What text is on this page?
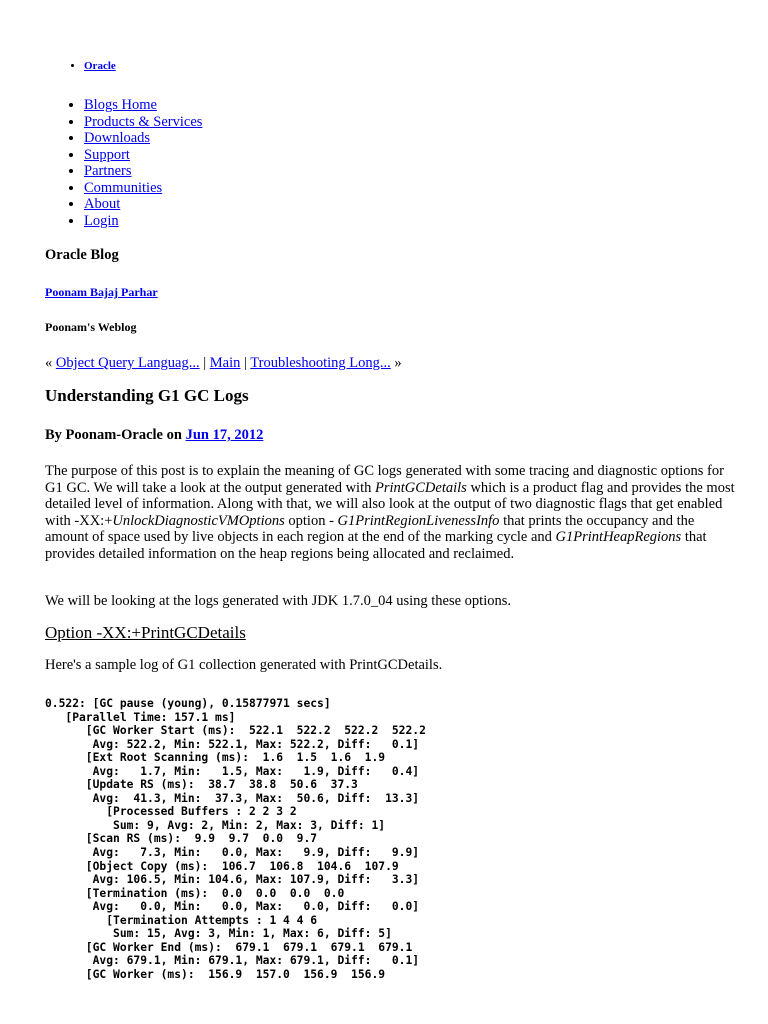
• Oracle
• Blogs Home
• Products & Services
• Downloads
• Support
• Partners
• Communities
• About
• Login
Oracle Blog
Poonam Bajaj Parhar
Poonam's Weblog
« Object Query Languag... | Main | Troubleshooting Long... »
Understanding G1 GC Logs
By Poonam-Oracle on Jun 17, 2012

The purpose of this post is to explain the meaning of GC logs generated with some tracing and diagnostic options for G1 GC. We will take a look at the output generated with PrintGCDetails which is a product flag and provides the most detailed level of information. Along with that, we will also look at the output of two diagnostic flags that get enabled with -XX:+UnlockDiagnosticVMOptions option - G1PrintRegionLivenessInfo that prints the occupancy and the amount of space used by live objects in each region at the end of the marking cycle and G1PrintHeapRegions that provides detailed information on the heap regions being allocated and reclaimed.

We will be looking at the logs generated with JDK 1.7.0_04 using these options.

Option -XX:+PrintGCDetails

Here's a sample log of G1 collection generated with PrintGCDetails.

0.522: [GC pause (young), 0.15877971 secs]
[Parallel Time: 157.1 ms]
[GC Worker Start (ms):  522.1  522.2  522.2  522.2
Avg: 522.2, Min: 522.1, Max: 522.2, Diff:   0.1]
[Ext Root Scanning (ms):  1.6  1.5  1.6  1.9
Avg:   1.7, Min:   1.5, Max:   1.9, Diff:   0.4]
[Update RS (ms):  38.7  38.8  50.6  37.3
Avg:  41.3, Min:  37.3, Max:  50.6, Diff:  13.3]
[Processed Buffers : 2 2 3 2
Sum: 9, Avg: 2, Min: 2, Max: 3, Diff: 1]
[Scan RS (ms):  9.9  9.7  0.0  9.7
Avg:   7.3, Min:   0.0, Max:   9.9, Diff:   9.9]
[Object Copy (ms):  106.7  106.8  104.6  107.9
Avg: 106.5, Min: 104.6, Max: 107.9, Diff:   3.3]
[Termination (ms):  0.0  0.0  0.0  0.0
Avg:   0.0, Min:   0.0, Max:   0.0, Diff:   0.0]
[Termination Attempts : 1 4 4 6
Sum: 15, Avg: 3, Min: 1, Max: 6, Diff: 5]
[GC Worker End (ms):  679.1  679.1  679.1  679.1
Avg: 679.1, Min: 679.1, Max: 679.1, Diff:   0.1]
[GC Worker (ms):  156.9  157.0  156.9  156.9
